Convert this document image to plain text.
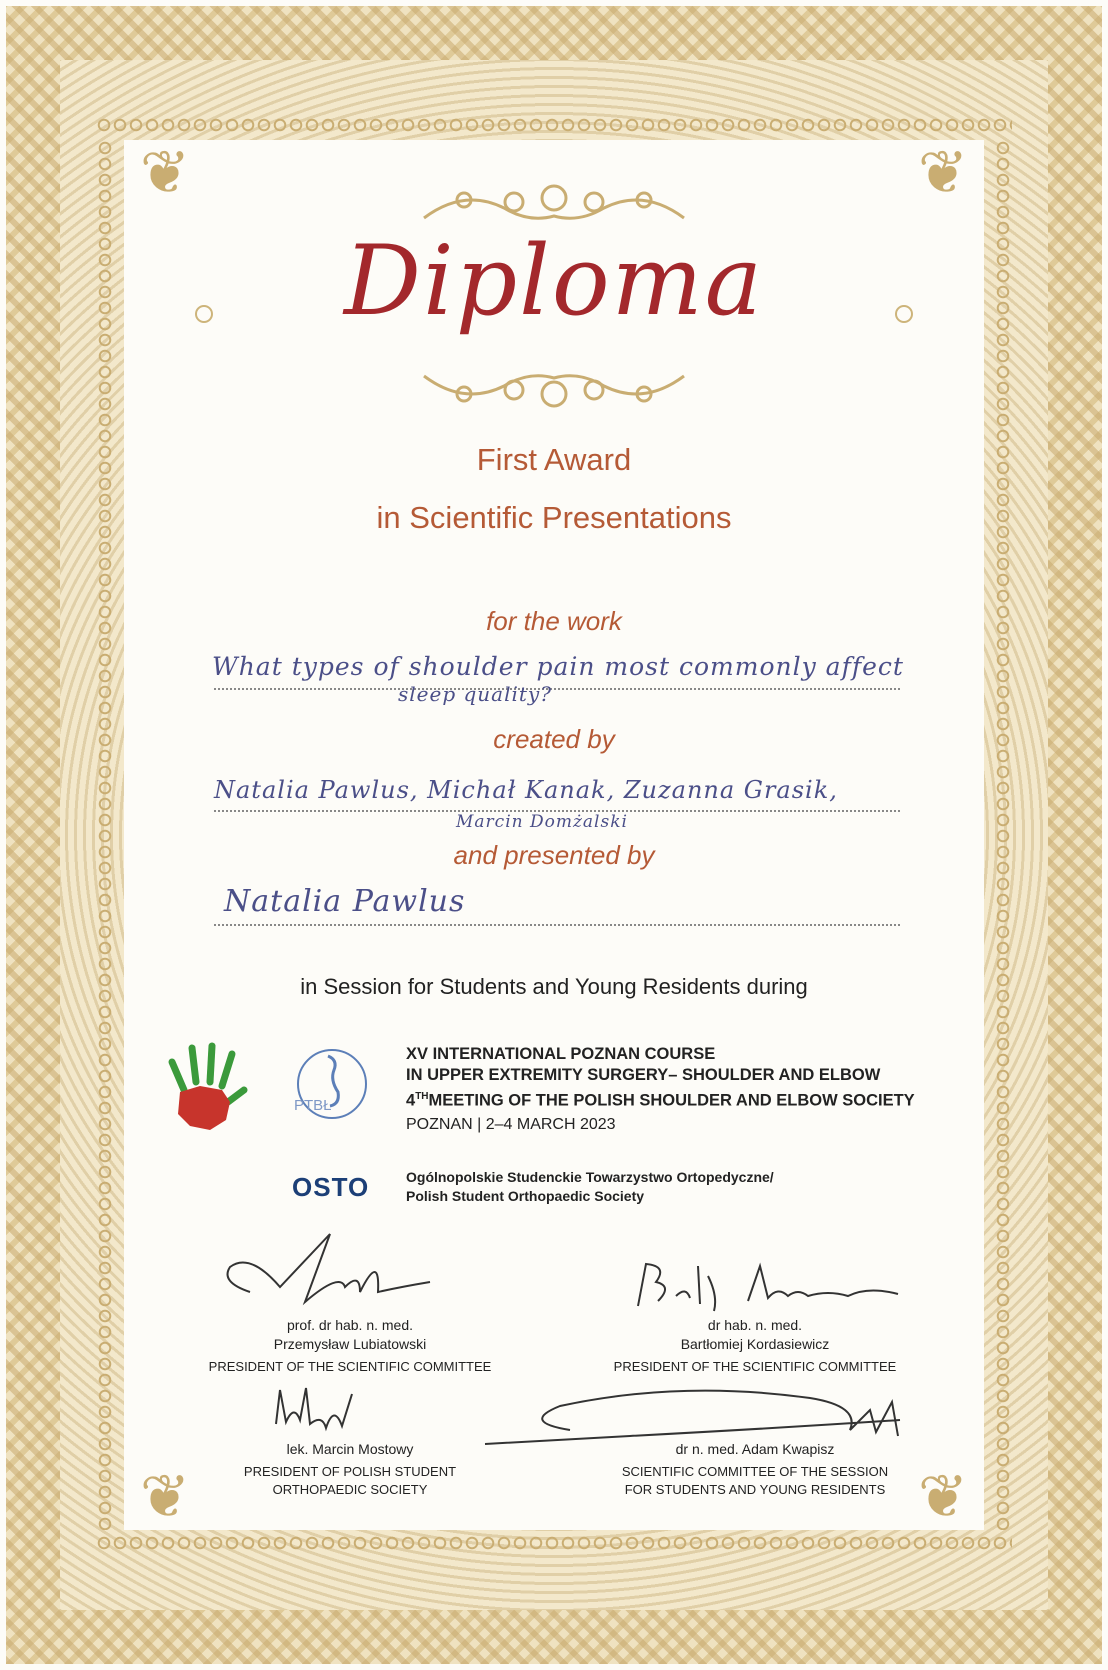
❦	❦
❦	❦
Diploma
First Award
in Scientific Presentations
for the work
What types of shoulder pain most commonly affect
sleep quality?
created by
Natalia Pawlus, Michał Kanak, Zuzanna Grasik,
Marcin Domżalski
and presented by
Natalia Pawlus
in Session for Students and Young Residents during
PTBŁ
XV INTERNATIONAL POZNAN COURSE
IN UPPER EXTREMITY SURGERY– SHOULDER AND ELBOW
4THMEETING OF THE POLISH SHOULDER AND ELBOW SOCIETY
POZNAN | 2–4 MARCH 2023
OSTO	Ogólnopolskie Studenckie Towarzystwo Ortopedyczne/
Polish Student Orthopaedic Society
prof. dr hab. n. med.
Przemysław Lubiatowski
PRESIDENT OF THE SCIENTIFIC COMMITTEE
dr hab. n. med.
Bartłomiej Kordasiewicz
PRESIDENT OF THE SCIENTIFIC COMMITTEE
lek. Marcin Mostowy
PRESIDENT OF POLISH STUDENT
ORTHOPAEDIC SOCIETY
dr n. med. Adam Kwapisz
SCIENTIFIC COMMITTEE OF THE SESSION
FOR STUDENTS AND YOUNG RESIDENTS
